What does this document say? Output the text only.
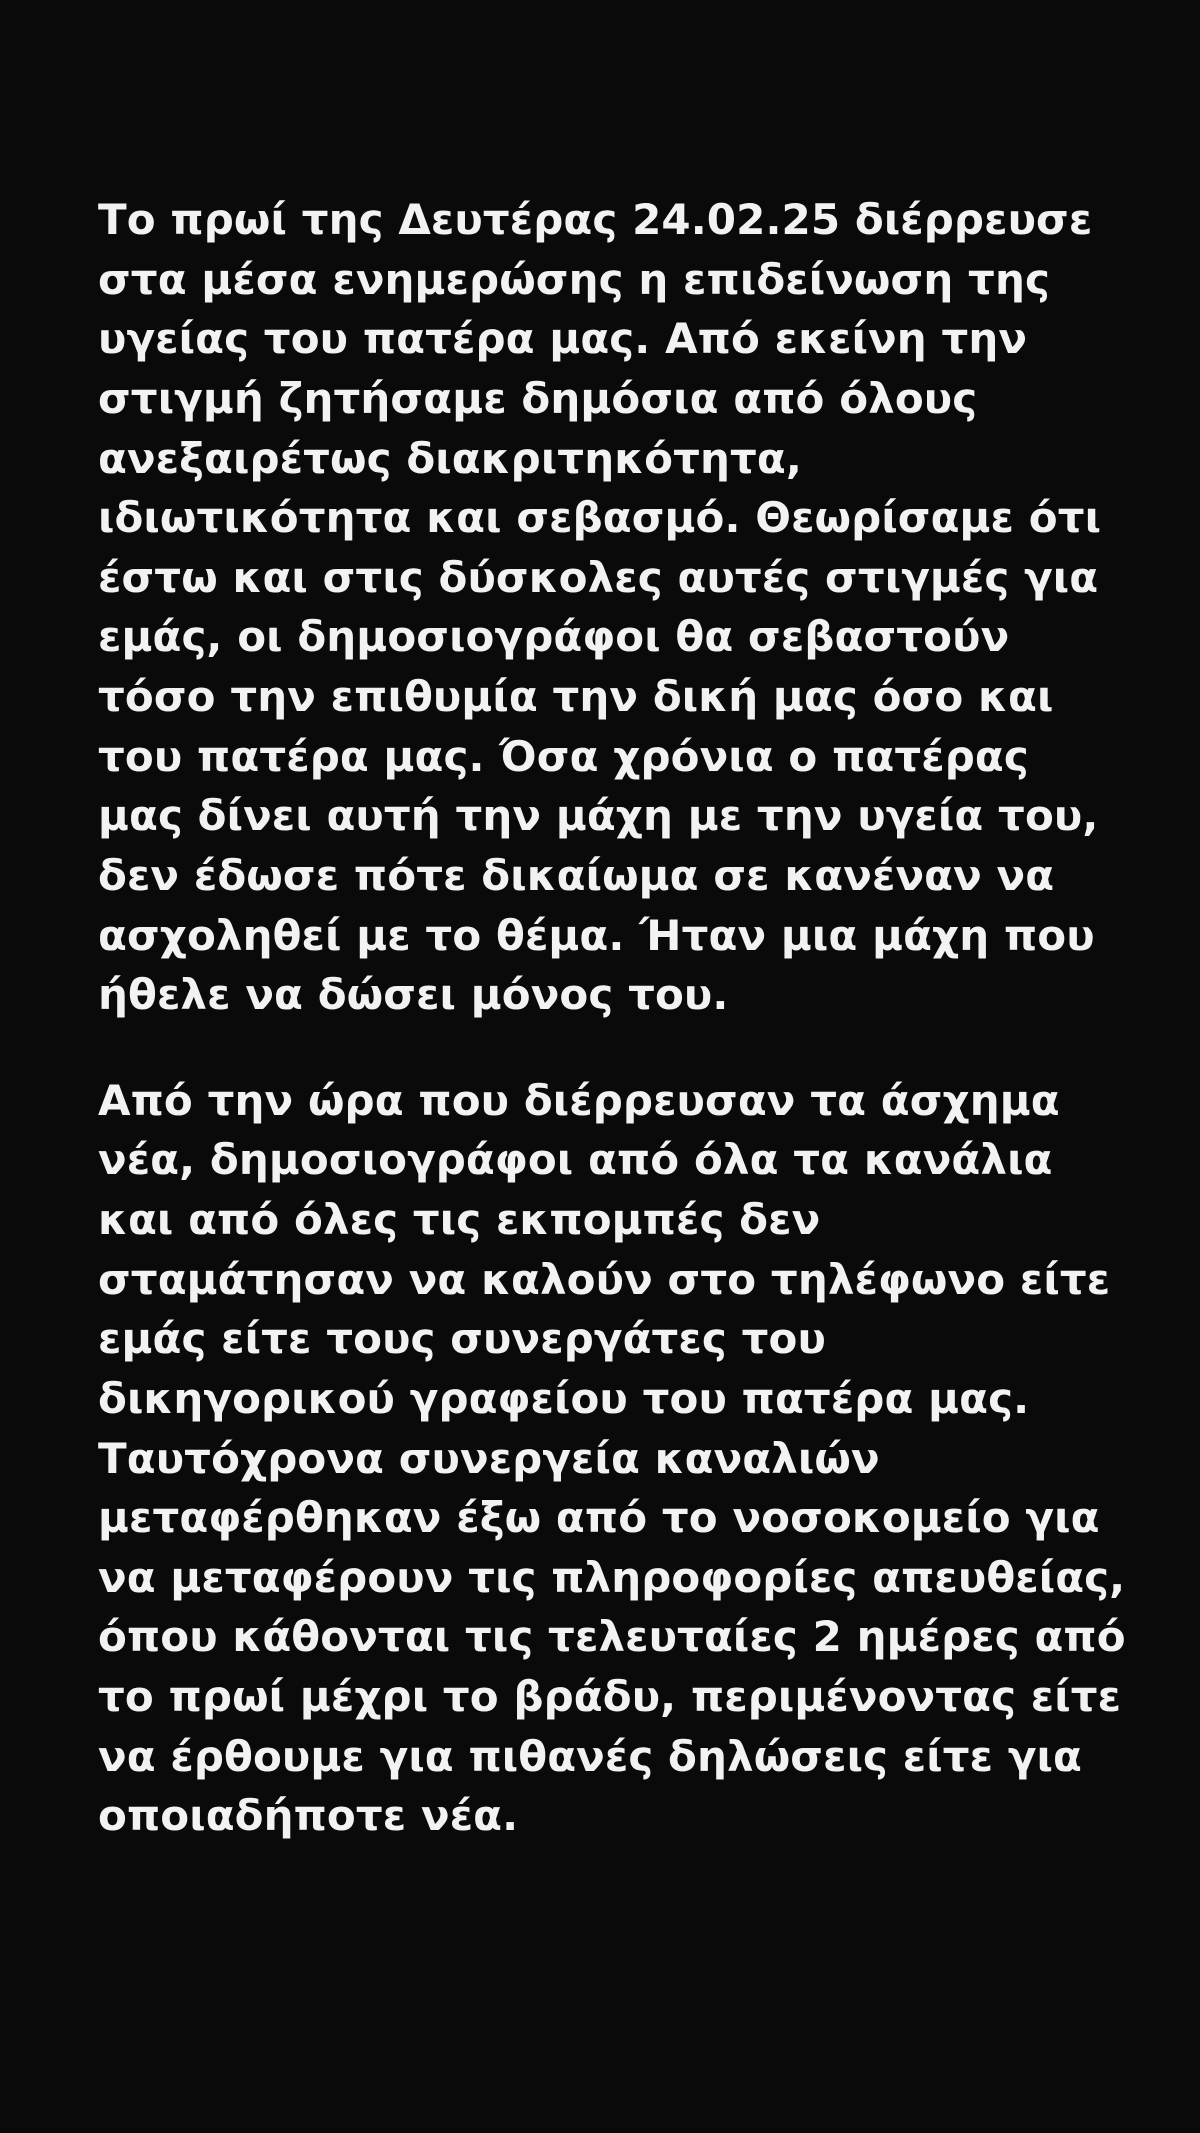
Το πρωί της Δευτέρας 24.02.25 διέρρευσε στα μέσα ενημερώσης η επιδείνωση της υγείας του πατέρα μας. Από εκείνη την στιγμή ζητήσαμε δημόσια από όλους ανεξαιρέτως διακριτηκότητα, ιδιωτικότητα και σεβασμό. Θεωρίσαμε ότι έστω και στις δύσκολες αυτές στιγμές για εμάς, οι δημοσιογράφοι θα σεβαστούν τόσο την επιθυμία την δική μας όσο και του πατέρα μας. Όσα χρόνια ο πατέρας μας δίνει αυτή την μάχη με την υγεία του, δεν έδωσε πότε δικαίωμα σε κανέναν να ασχοληθεί με το θέμα. Ήταν μια μάχη που ήθελε να δώσει μόνος του.

Από την ώρα που διέρρευσαν τα άσχημα νέα, δημοσιογράφοι από όλα τα κανάλια και από όλες τις εκπομπές δεν σταμάτησαν να καλούν στο τηλέφωνο είτε εμάς είτε τους συνεργάτες του δικηγορικού γραφείου του πατέρα μας. Ταυτόχρονα συνεργεία καναλιών μεταφέρθηκαν έξω από το νοσοκομείο για να μεταφέρουν τις πληροφορίες απευθείας, όπου κάθονται τις τελευταίες 2 ημέρες από το πρωί μέχρι το βράδυ, περιμένοντας είτε να έρθουμε για πιθανές δηλώσεις είτε για οποιαδήποτε νέα.
